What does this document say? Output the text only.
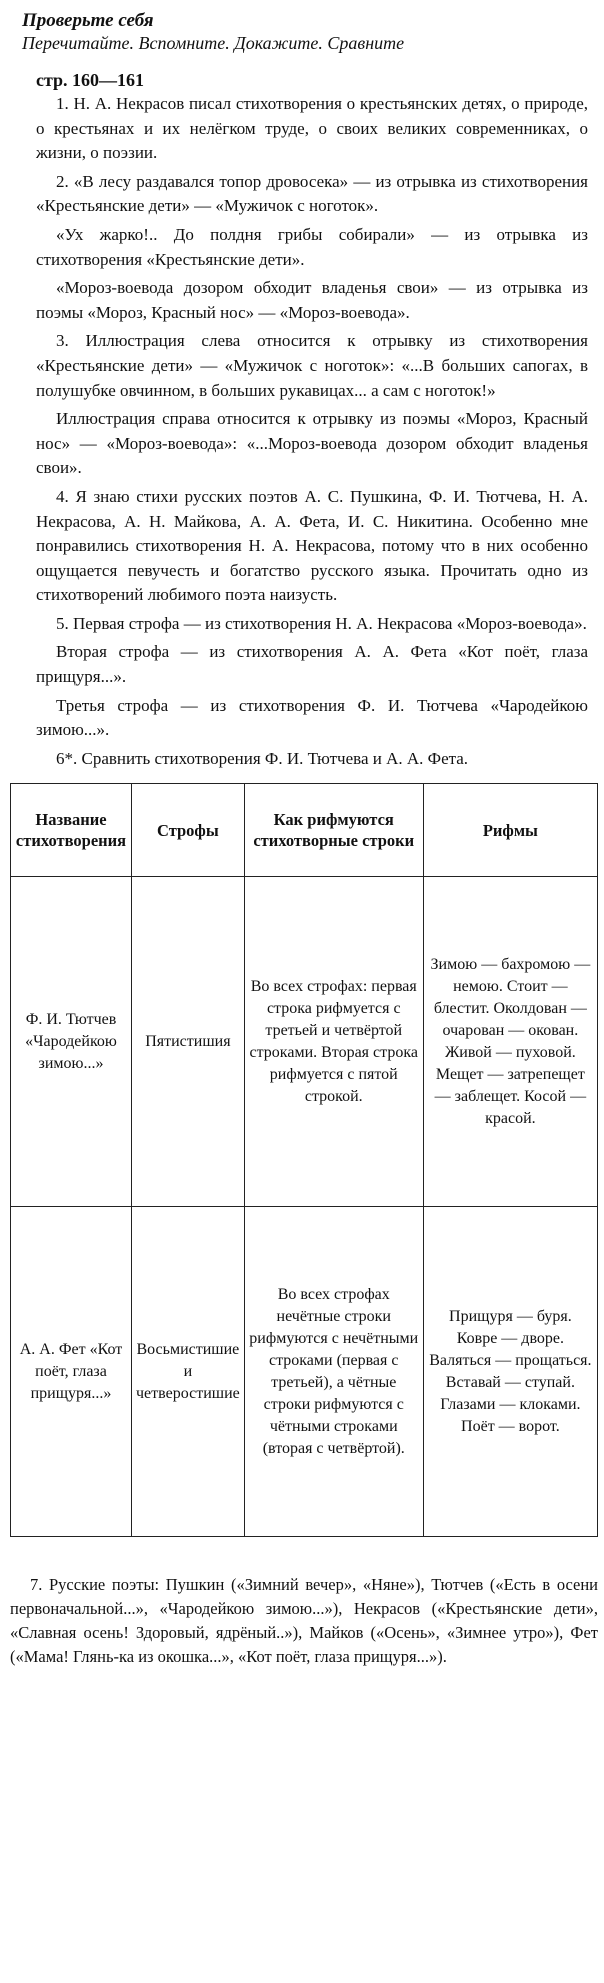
Проверьте себя
Перечитайте. Вспомните. Докажите. Сравните
стр. 160—161

1. Н. А. Некрасов писал стихотворения о крестьянских детях, о природе, о крестьянах и их нелёгком труде, о своих великих современниках, о жизни, о поэзии.

2. «В лесу раздавался топор дровосека» — из отрывка из стихотворения «Крестьянские дети» — «Мужичок с ноготок».

«Ух жарко!.. До полдня грибы собирали» — из отрывка из стихотворения «Крестьянские дети».

«Мороз-воевода дозором обходит владенья свои» — из отрывка из поэмы «Мороз, Красный нос» — «Мороз-воевода».

3. Иллюстрация слева относится к отрывку из стихотворения «Крестьянские дети» — «Мужичок с ноготок»: «...В больших сапогах, в полушубке овчинном, в больших рукавицах... а сам с ноготок!»

Иллюстрация справа относится к отрывку из поэмы «Мороз, Красный нос» — «Мороз-воевода»: «...Мороз-воевода дозором обходит владенья свои».

4. Я знаю стихи русских поэтов А. С. Пушкина, Ф. И. Тютчева, Н. А. Некрасова, А. Н. Майкова, А. А. Фета, И. С. Никитина. Особенно мне понравились стихотворения Н. А. Некрасова, потому что в них особенно ощущается певучесть и богатство русского языка. Прочитать одно из стихотворений любимого поэта наизусть.

5. Первая строфа — из стихотворения Н. А. Некрасова «Мороз-воевода».

Вторая строфа — из стихотворения А. А. Фета «Кот поёт, глаза прищуря...».

Третья строфа — из стихотворения Ф. И. Тютчева «Чародейкою зимою...».

6*. Сравнить стихотворения Ф. И. Тютчева и А. А. Фета.

Название стихотворения	Строфы	Как рифмуются стихотворные строки	Рифмы
Ф. И. Тютчев «Чародейкою зимою...»	Пятистишия	Во всех строфах: первая строка рифмуется с третьей и четвёртой строками. Вторая строка рифмуется с пятой строкой.	Зимою — бахромою — немою. Стоит — блестит. Околдован — очарован — окован. Живой — пуховой. Мещет — затрепещет — заблещет. Косой — красой.
А. А. Фет «Кот поёт, глаза прищуря...»	Восьмистишие и четверостишие	Во всех строфах нечётные строки рифмуются с нечётными строками (первая с третьей), а чётные строки рифмуются с чётными строками (вторая с четвёртой).	Прищуря — буря. Ковре — дворе. Валяться — прощаться. Вставай — ступай. Глазами — клоками. Поёт — ворот.

7. Русские поэты: Пушкин («Зимний вечер», «Няне»), Тютчев («Есть в осени первоначальной...», «Чародейкою зимою...»), Некрасов («Крестьянские дети», «Славная осень! Здоровый, ядрёный..»), Майков («Осень», «Зимнее утро»), Фет («Мама! Глянь-ка из окошка...», «Кот поёт, глаза прищуря...»).
